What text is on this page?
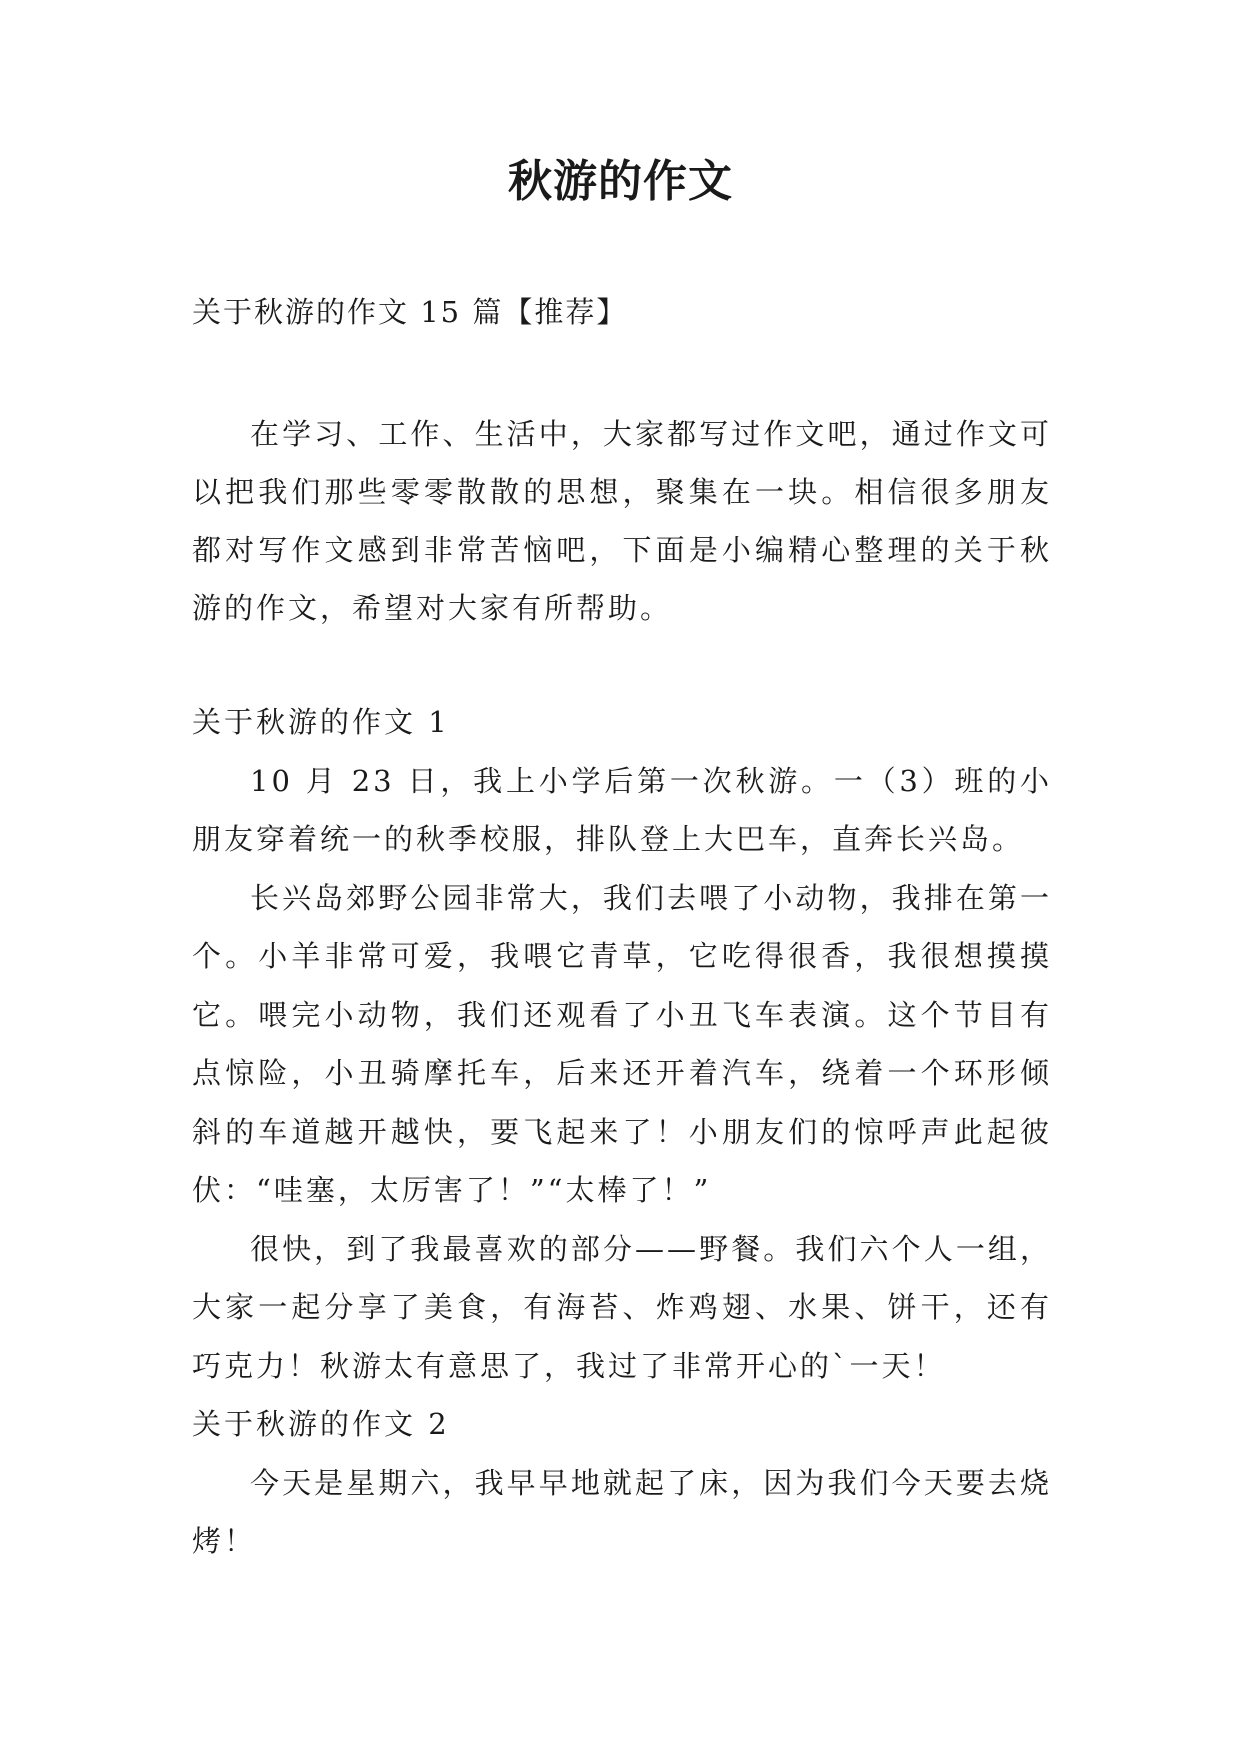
秋游的作文

关于秋游的作文 15 篇【推荐】

在学习、工作、生活中，大家都写过作文吧，通过作文可以把我们那些零零散散的思想，聚集在一块。相信很多朋友都对写作文感到非常苦恼吧，下面是小编精心整理的关于秋游的作文，希望对大家有所帮助。

关于秋游的作文 1

10 月 23 日，我上小学后第一次秋游。一（3）班的小朋友穿着统一的秋季校服，排队登上大巴车，直奔长兴岛。

长兴岛郊野公园非常大，我们去喂了小动物，我排在第一个。小羊非常可爱，我喂它青草，它吃得很香，我很想摸摸它。喂完小动物，我们还观看了小丑飞车表演。这个节目有点惊险，小丑骑摩托车，后来还开着汽车，绕着一个环形倾斜的车道越开越快，要飞起来了！小朋友们的惊呼声此起彼伏：“哇塞，太厉害了！”“太棒了！”

很快，到了我最喜欢的部分——野餐。我们六个人一组，大家一起分享了美食，有海苔、炸鸡翅、水果、饼干，还有巧克力！秋游太有意思了，我过了非常开心的`一天！

关于秋游的作文 2

今天是星期六，我早早地就起了床，因为我们今天要去烧烤！
